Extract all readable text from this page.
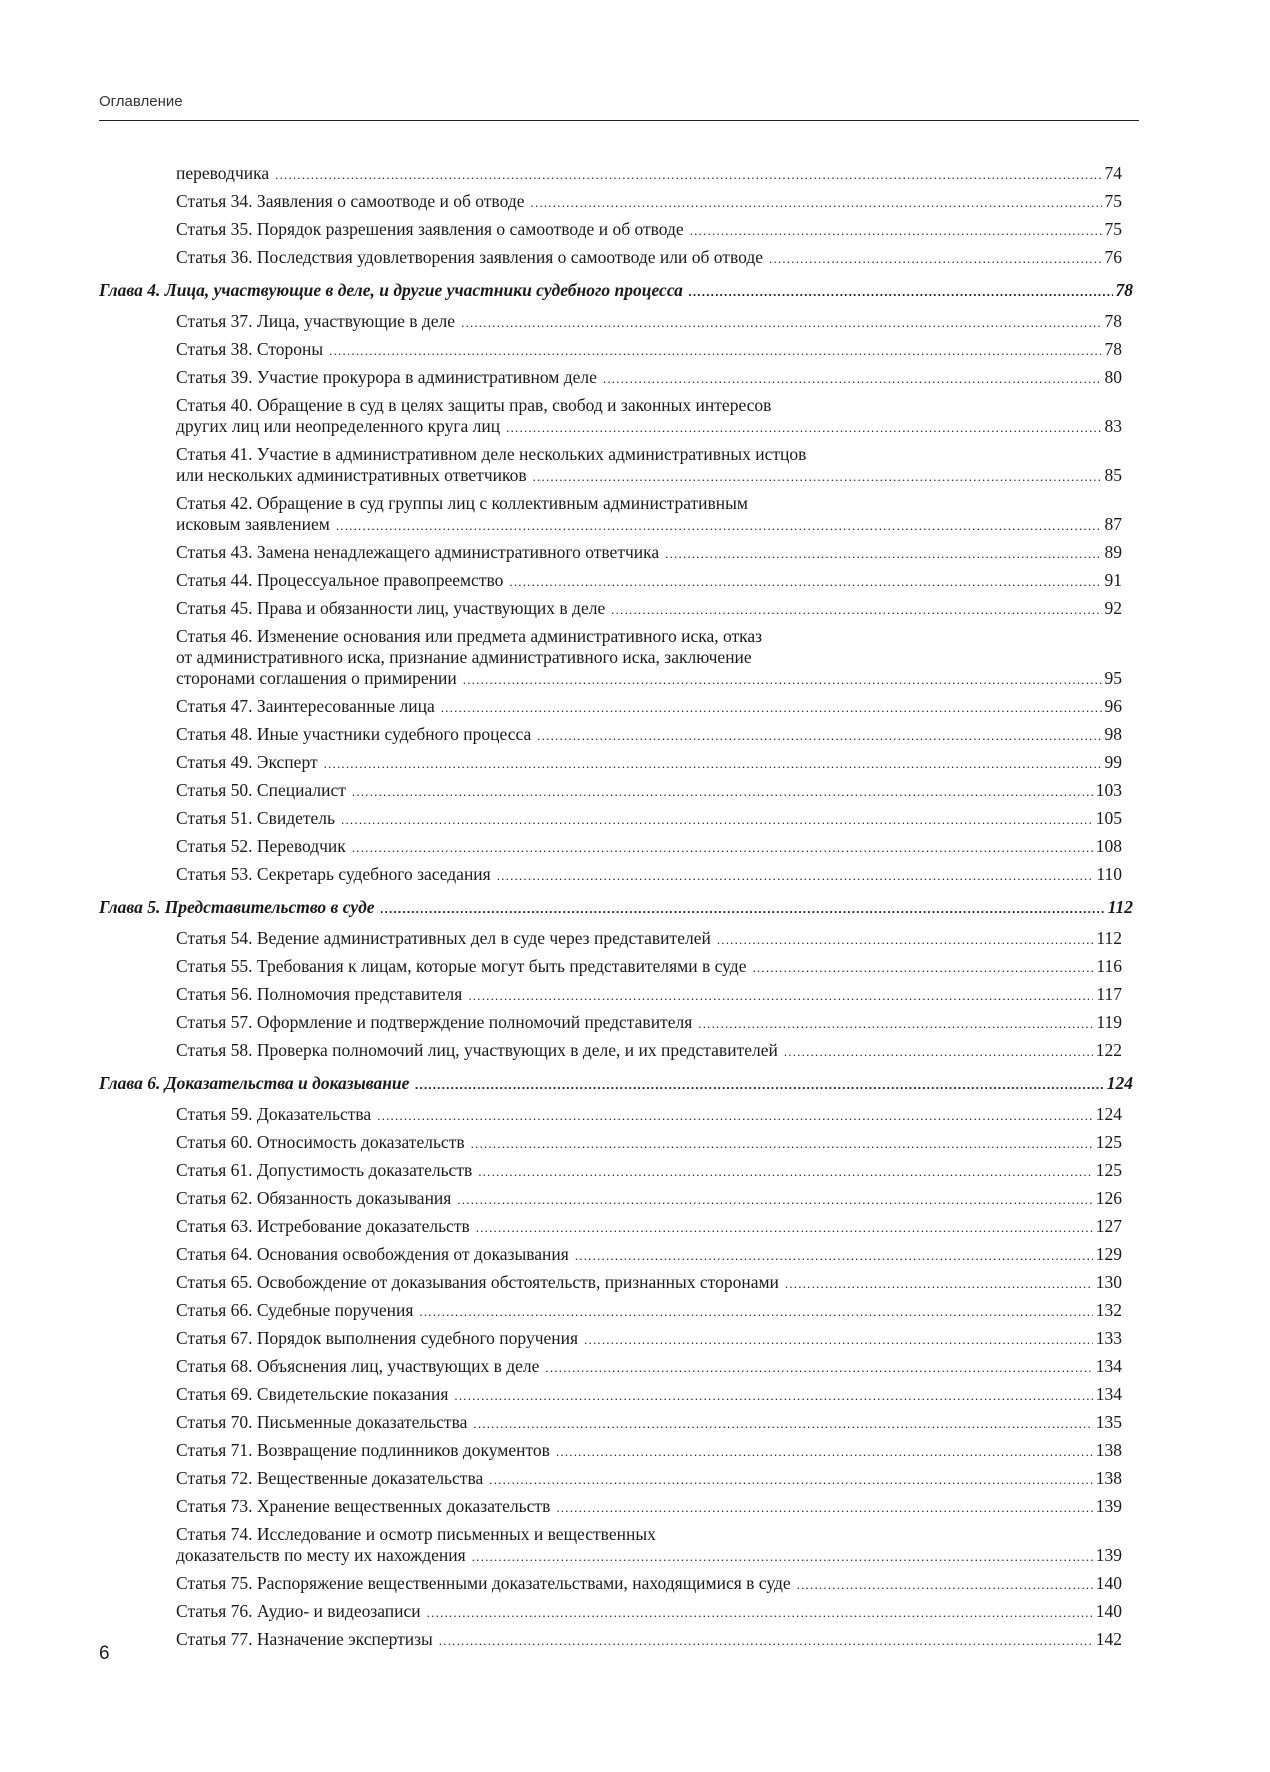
Оглавление
переводчика .....	74
Статья 34. Заявления о самоотводе и об отводе .....	75
Статья 35. Порядок разрешения заявления о самоотводе и об отводе .....	75
Статья 36. Последствия удовлетворения заявления о самоотводе или об отводе .....	76
Глава 4. Лица, участвующие в деле, и другие участники судебного процесса .....	78
Статья 37. Лица, участвующие в деле .....	78
Статья 38. Стороны .....	78
Статья 39. Участие прокурора в административном деле .....	80
Статья 40. Обращение в суд в целях защиты прав, свобод и законных интересов
других лиц или неопределенного круга лиц .....	83
Статья 41. Участие в административном деле нескольких административных истцов
или нескольких административных ответчиков .....	85
Статья 42. Обращение в суд группы лиц с коллективным административным
исковым заявлением .....	87
Статья 43. Замена ненадлежащего административного ответчика .....	89
Статья 44. Процессуальное правопреемство .....	91
Статья 45. Права и обязанности лиц, участвующих в деле .....	92
Статья 46. Изменение основания или предмета административного иска, отказ
от административного иска, признание административного иска, заключение
сторонами соглашения о примирении .....	95
Статья 47. Заинтересованные лица .....	96
Статья 48. Иные участники судебного процесса .....	98
Статья 49. Эксперт .....	99
Статья 50. Специалист .....	103
Статья 51. Свидетель .....	105
Статья 52. Переводчик .....	108
Статья 53. Секретарь судебного заседания .....	110
Глава 5. Представительство в суде .....	112
Статья 54. Ведение административных дел в суде через представителей .....	112
Статья 55. Требования к лицам, которые могут быть представителями в суде .....	116
Статья 56. Полномочия представителя .....	117
Статья 57. Оформление и подтверждение полномочий представителя .....	119
Статья 58. Проверка полномочий лиц, участвующих в деле, и их представителей .....	122
Глава 6. Доказательства и доказывание .....	124
Статья 59. Доказательства .....	124
Статья 60. Относимость доказательств .....	125
Статья 61. Допустимость доказательств .....	125
Статья 62. Обязанность доказывания .....	126
Статья 63. Истребование доказательств .....	127
Статья 64. Основания освобождения от доказывания .....	129
Статья 65. Освобождение от доказывания обстоятельств, признанных сторонами .....	130
Статья 66. Судебные поручения .....	132
Статья 67. Порядок выполнения судебного поручения .....	133
Статья 68. Объяснения лиц, участвующих в деле .....	134
Статья 69. Свидетельские показания .....	134
Статья 70. Письменные доказательства .....	135
Статья 71. Возвращение подлинников документов .....	138
Статья 72. Вещественные доказательства .....	138
Статья 73. Хранение вещественных доказательств .....	139
Статья 74. Исследование и осмотр письменных и вещественных
доказательств по месту их нахождения .....	139
Статья 75. Распоряжение вещественными доказательствами, находящимися в суде .....	140
Статья 76. Аудио- и видеозаписи .....	140
Статья 77. Назначение экспертизы .....	142
6
